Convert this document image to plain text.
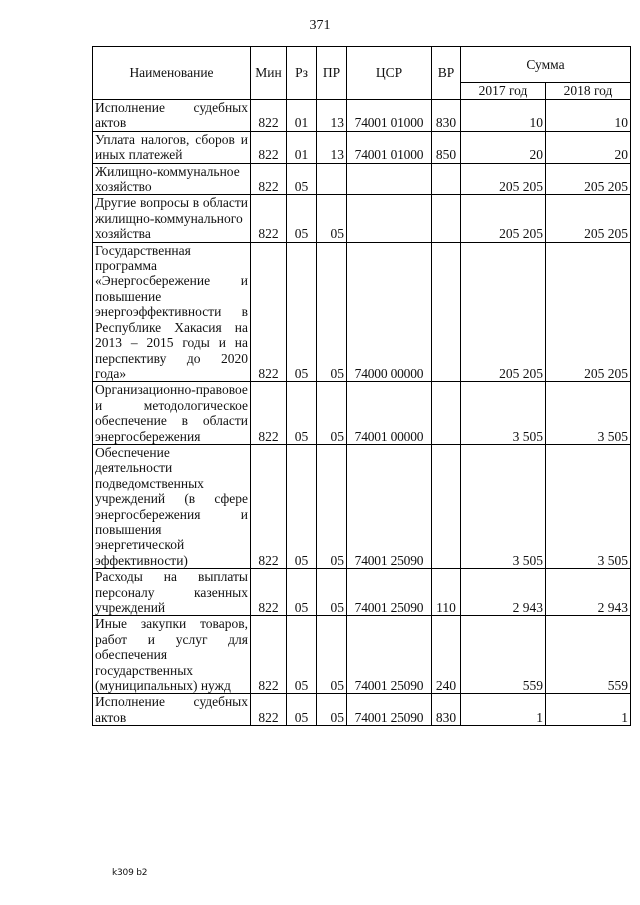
371
Наименование	Мин	Рз	ПР	ЦСР	ВР	Сумма	
						2017 год	2018 год
Исполнение судебных актов	822	01	13	74001 01000	830	10	10
Уплата налогов, сборов и иных платежей	822	01	13	74001 01000	850	20	20
Жилищно-коммунальное хозяйство	822	05				205 205	205 205
Другие вопросы в области жилищно-коммунального хозяйства	822	05	05			205 205	205 205
Государственная программа «Энергосбережение и повышение энергоэффективности в Республике Хакасия на 2013 – 2015 годы и на перспективу до 2020 года»	822	05	05	74000 00000		205 205	205 205
Организационно-правовое и методологическое обеспечение в области энергосбережения	822	05	05	74001 00000		3 505	3 505
Обеспечение деятельности подведомственных учреждений (в сфере энергосбережения и повышения энергетической эффективности)	822	05	05	74001 25090		3 505	3 505
Расходы на выплаты персоналу казенных учреждений	822	05	05	74001 25090	110	2 943	2 943
Иные закупки товаров, работ и услуг для обеспечения государственных (муниципальных) нужд	822	05	05	74001 25090	240	559	559
Исполнение судебных актов	822	05	05	74001 25090	830	1	1
k309 b2
